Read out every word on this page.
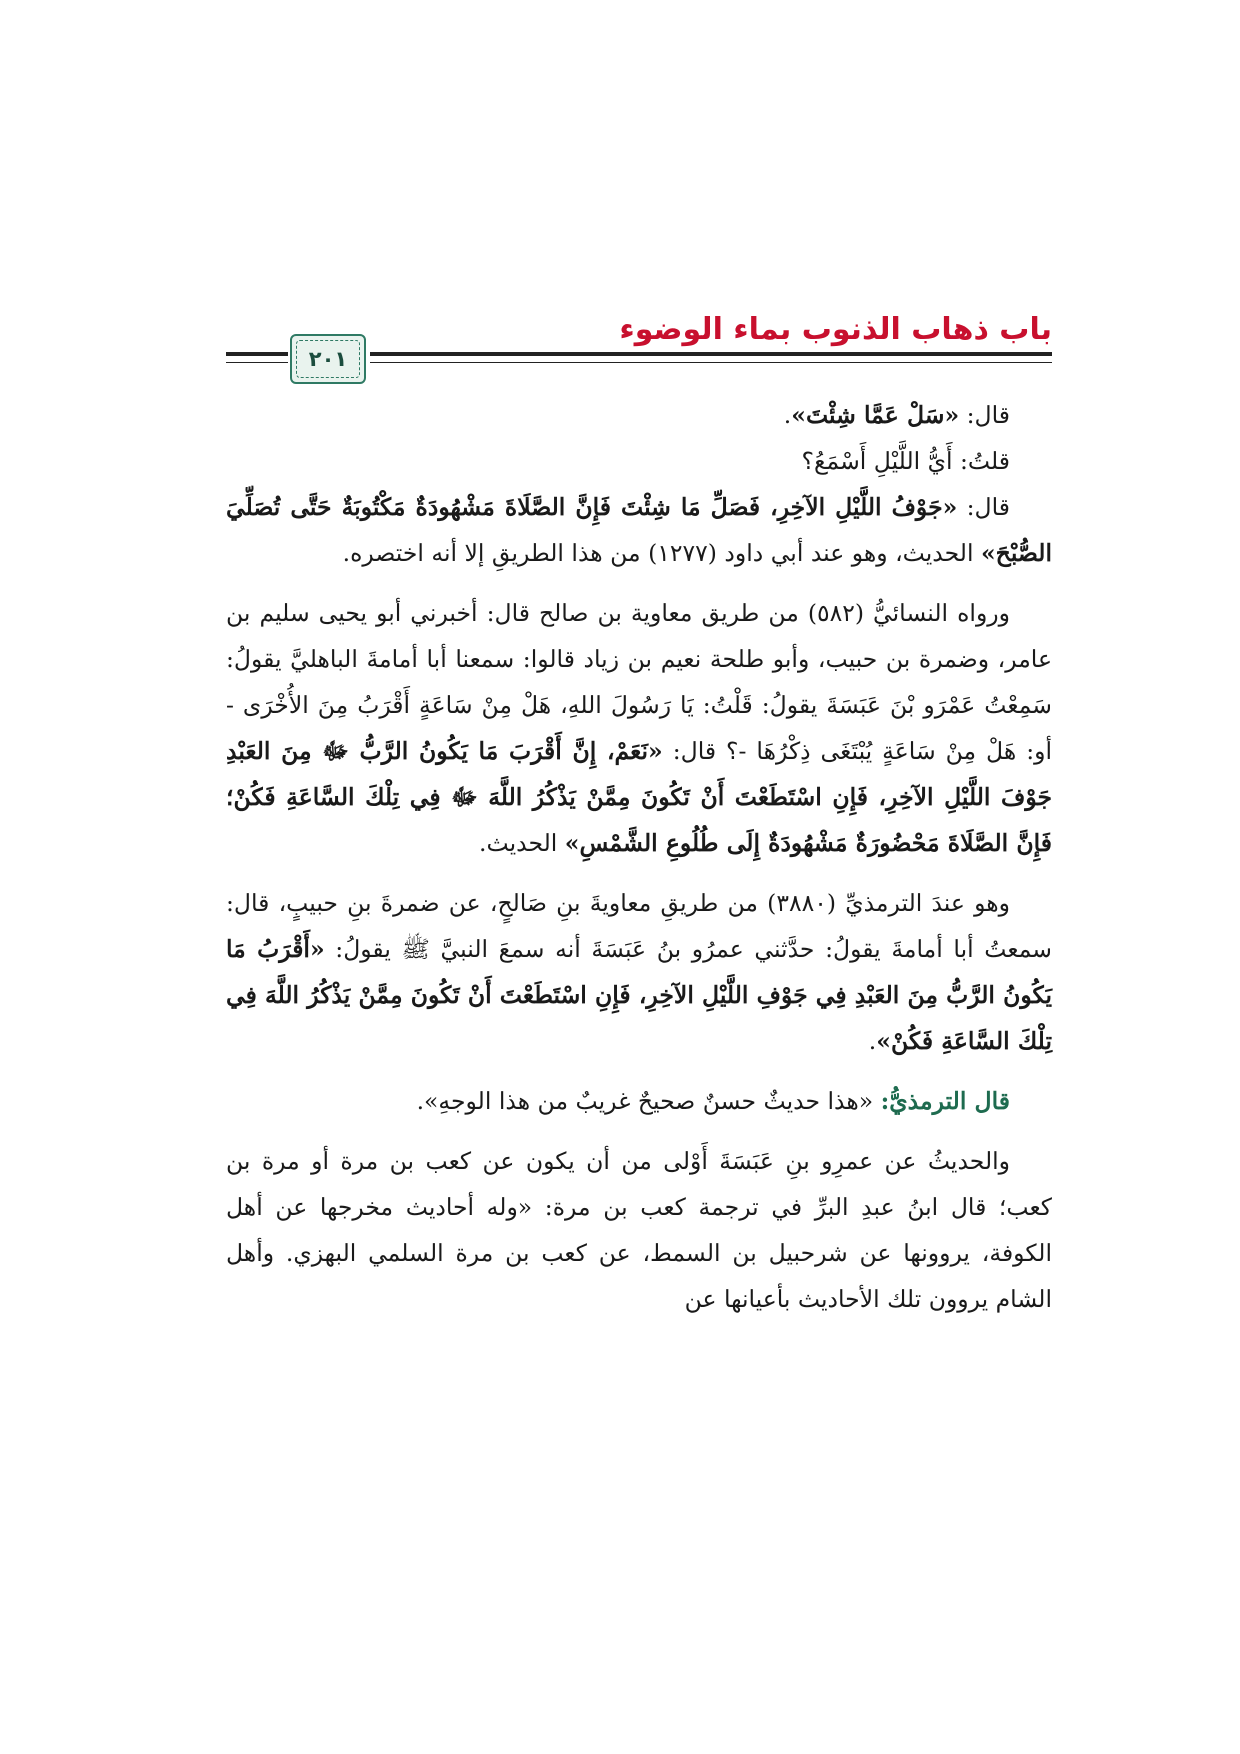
باب ذهاب الذنوب بماء الوضوء
٢٠١

قال: «سَلْ عَمَّا شِئْتَ».

قلتُ: أَيُّ اللَّيْلِ أَسْمَعُ؟

قال: «جَوْفُ اللَّيْلِ الآخِرِ، فَصَلِّ مَا شِئْتَ فَإِنَّ الصَّلَاةَ مَشْهُودَةٌ مَكْتُوبَةٌ حَتَّى تُصَلِّيَ الصُّبْحَ» الحديث، وهو عند أبي داود (١٢٧٧) من هذا الطريقِ إلا أنه اختصره.

ورواه النسائيُّ (٥٨٢) من طريق معاوية بن صالح قال: أخبرني أبو يحيى سليم بن عامر، وضمرة بن حبيب، وأبو طلحة نعيم بن زياد قالوا: سمعنا أبا أمامةَ الباهليَّ يقولُ: سَمِعْتُ عَمْرَو بْنَ عَبَسَةَ يقولُ: قَلْتُ: يَا رَسُولَ اللهِ، هَلْ مِنْ سَاعَةٍ أَقْرَبُ مِنَ الأُخْرَى - أو: هَلْ مِنْ سَاعَةٍ يُبْتَغَى ذِكْرُهَا -؟ قال: «نَعَمْ، إِنَّ أَقْرَبَ مَا يَكُونُ الرَّبُّ ﷻ مِنَ العَبْدِ جَوْفَ اللَّيْلِ الآخِرِ، فَإِنِ اسْتَطَعْتَ أَنْ تَكُونَ مِمَّنْ يَذْكُرُ اللَّهَ ﷻ فِي تِلْكَ السَّاعَةِ فَكُنْ؛ فَإِنَّ الصَّلَاةَ مَحْضُورَةٌ مَشْهُودَةٌ إِلَى طُلُوعِ الشَّمْسِ» الحديث.

وهو عندَ الترمذيِّ (٣٨٨٠) من طريقِ معاويةَ بنِ صَالحٍ، عن ضمرةَ بنِ حبيبٍ، قال: سمعتُ أبا أمامةَ يقولُ: حدَّثني عمرُو بنُ عَبَسَةَ أنه سمعَ النبيَّ ﷺ يقولُ: «أَقْرَبُ مَا يَكُونُ الرَّبُّ مِنَ العَبْدِ فِي جَوْفِ اللَّيْلِ الآخِرِ، فَإِنِ اسْتَطَعْتَ أَنْ تَكُونَ مِمَّنْ يَذْكُرُ اللَّهَ فِي تِلْكَ السَّاعَةِ فَكُنْ».

قال الترمذيُّ: «هذا حديثٌ حسنٌ صحيحٌ غريبٌ من هذا الوجهِ».

والحديثُ عن عمرِو بنِ عَبَسَةَ أَوْلى من أن يكون عن كعب بن مرة أو مرة بن كعب؛ قال ابنُ عبدِ البرِّ في ترجمة كعب بن مرة: «وله أحاديث مخرجها عن أهل الكوفة، يروونها عن شرحبيل بن السمط، عن كعب بن مرة السلمي البهزي. وأهل الشام يروون تلك الأحاديث بأعيانها عن
